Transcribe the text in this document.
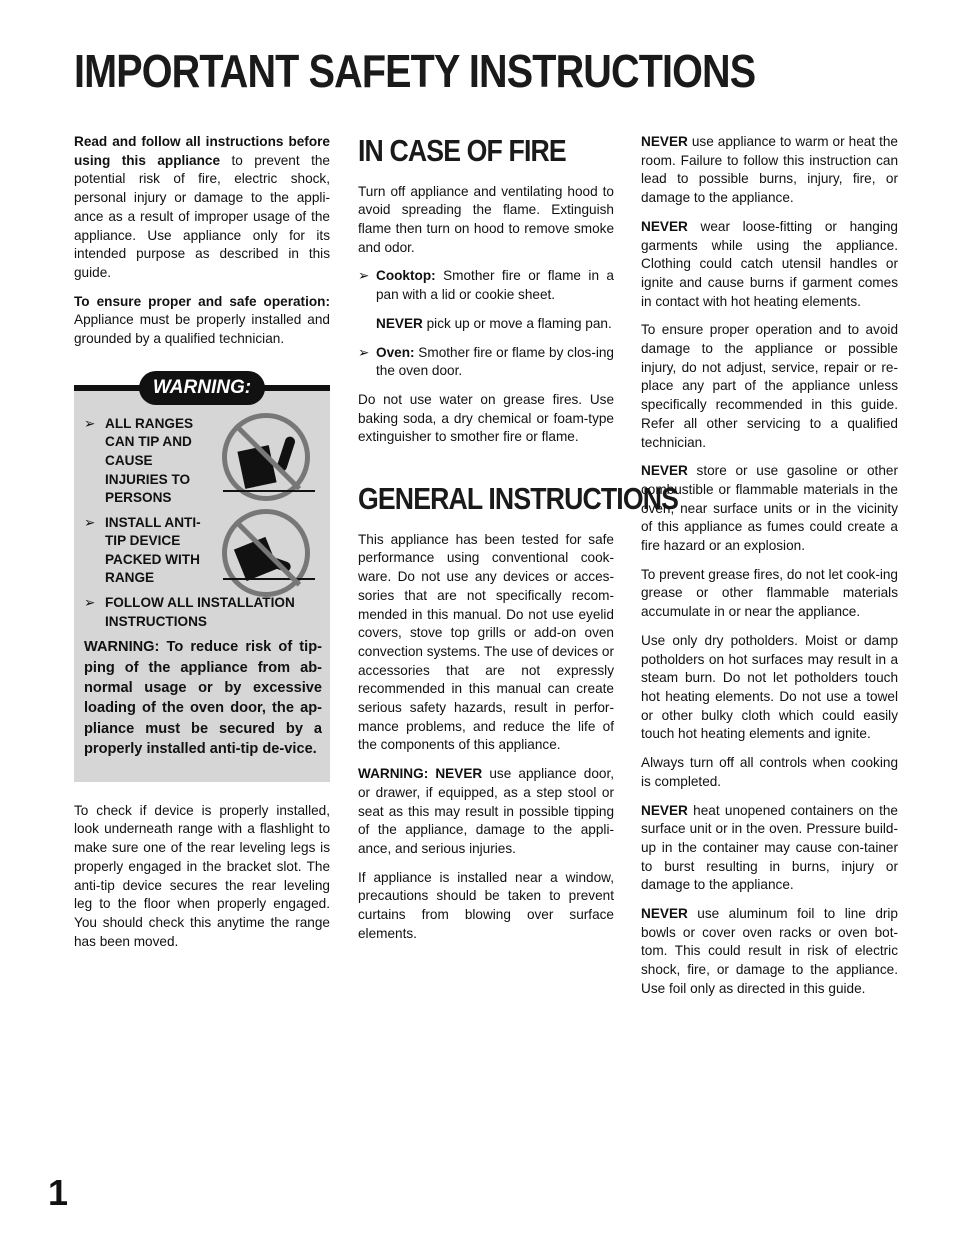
IMPORTANT SAFETY INSTRUCTIONS

Read and follow all instructions before using this appliance to prevent the potential risk of fire, electric shock, personal injury or damage to the appli-ance as a result of improper usage of the appliance. Use appliance only for its intended purpose as described in this guide.

To ensure proper and safe operation: Appliance must be properly installed and grounded by a qualified technician.

WARNING:
➢ ALL RANGES CAN TIP AND CAUSE INJURIES TO PERSONS
➢ INSTALL ANTI-TIP DEVICE PACKED WITH RANGE
➢ FOLLOW ALL INSTALLATION INSTRUCTIONS

WARNING: To reduce risk of tip-ping of the appliance from ab-normal usage or by excessive loading of the oven door, the ap-pliance must be secured by a properly installed anti-tip de-vice.

To check if device is properly installed, look underneath range with a flashlight to make sure one of the rear leveling legs is properly engaged in the bracket slot. The anti-tip device secures the rear leveling leg to the floor when properly engaged. You should check this anytime the range has been moved.

IN CASE OF FIRE

Turn off appliance and ventilating hood to avoid spreading the flame. Extinguish flame then turn on hood to remove smoke and odor.

➢ Cooktop: Smother fire or flame in a pan with a lid or cookie sheet.

NEVER pick up or move a flaming pan.

➢ Oven: Smother fire or flame by clos-ing the oven door.

Do not use water on grease fires. Use baking soda, a dry chemical or foam-type extinguisher to smother fire or flame.

GENERAL INSTRUCTIONS

This appliance has been tested for safe performance using conventional cook-ware. Do not use any devices or acces-sories that are not specifically recom-mended in this manual. Do not use eyelid covers, stove top grills or add-on oven convection systems. The use of devices or accessories that are not expressly recommended in this manual can create serious safety hazards, result in perfor-mance problems, and reduce the life of the components of this appliance.

WARNING: NEVER use appliance door, or drawer, if equipped, as a step stool or seat as this may result in possible tipping of the appliance, damage to the appli-ance, and serious injuries.

If appliance is installed near a window, precautions should be taken to prevent curtains from blowing over surface elements.

NEVER use appliance to warm or heat the room. Failure to follow this instruction can lead to possible burns, injury, fire, or damage to the appliance.

NEVER wear loose-fitting or hanging garments while using the appliance. Clothing could catch utensil handles or ignite and cause burns if garment comes in contact with hot heating elements.

To ensure proper operation and to avoid damage to the appliance or possible injury, do not adjust, service, repair or re-place any part of the appliance unless specifically recommended in this guide. Refer all other servicing to a qualified technician.

NEVER store or use gasoline or other combustible or flammable materials in the oven, near surface units or in the vicinity of this appliance as fumes could create a fire hazard or an explosion.

To prevent grease fires, do not let cook-ing grease or other flammable materials accumulate in or near the appliance.

Use only dry potholders. Moist or damp potholders on hot surfaces may result in a steam burn. Do not let potholders touch hot heating elements. Do not use a towel or other bulky cloth which could easily touch hot heating elements and ignite.

Always turn off all controls when cooking is completed.

NEVER heat unopened containers on the surface unit or in the oven. Pressure build-up in the container may cause con-tainer to burst resulting in burns, injury or damage to the appliance.

NEVER use aluminum foil to line drip bowls or cover oven racks or oven bot-tom. This could result in risk of electric shock, fire, or damage to the appliance. Use foil only as directed in this guide.

1
